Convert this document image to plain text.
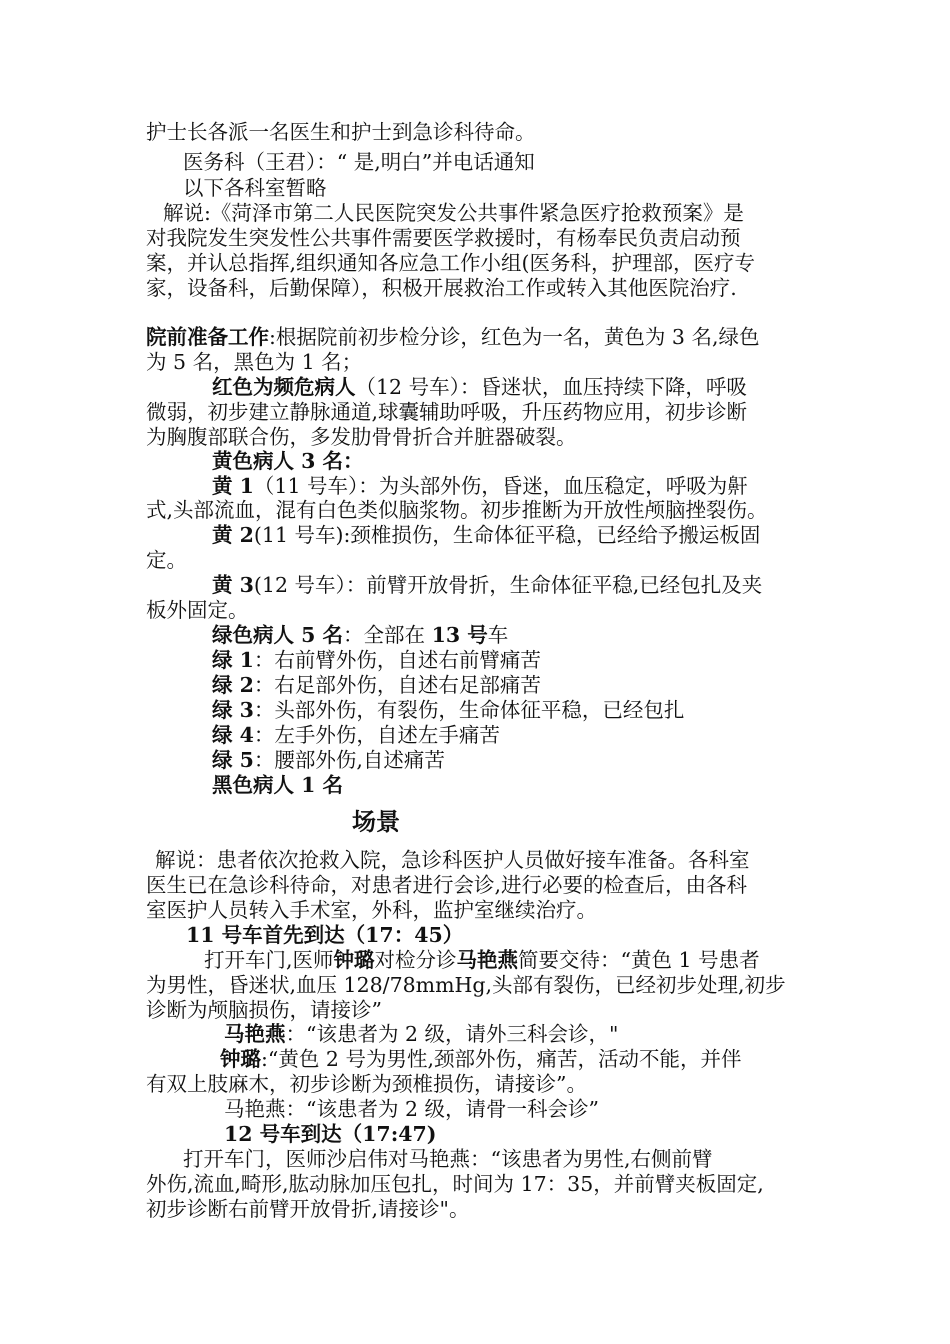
护士长各派一名医生和护士到急诊科待命。
医务科（王君）：“ 是,明白”并电话通知
以下各科室暂略
解说:《菏泽市第二人民医院突发公共事件紧急医疗抢救预案》是
对我院发生突发性公共事件需要医学救援时，有杨奉民负责启动预
案，并认总指挥,组织通知各应急工作小组(医务科，护理部，医疗专
家，设备科，后勤保障），积极开展救治工作或转入其他医院治疗.
院前准备工作:根据院前初步检分诊，红色为一名，黄色为 3 名,绿色
为 5 名，黑色为 1 名；
红色为频危病人（12 号车）：昏迷状，血压持续下降，呼吸
微弱，初步建立静脉通道,球囊辅助呼吸，升压药物应用，初步诊断
为胸腹部联合伤，多发肋骨骨折合并脏器破裂。
黄色病人 3 名：
黄 1（11 号车）：为头部外伤，昏迷，血压稳定，呼吸为鼾
式,头部流血，混有白色类似脑浆物。初步推断为开放性颅脑挫裂伤。
黄 2(11 号车):颈椎损伤，生命体征平稳，已经给予搬运板固
定。
黄 3(12 号车）：前臂开放骨折，生命体征平稳,已经包扎及夹
板外固定。
绿色病人 5 名：全部在 13 号车
绿 1：右前臂外伤，自述右前臂痛苦
绿 2：右足部外伤，自述右足部痛苦
绿 3：头部外伤，有裂伤，生命体征平稳，已经包扎
绿 4：左手外伤，自述左手痛苦
绿 5：腰部外伤,自述痛苦
黑色病人 1 名
场景
解说：患者依次抢救入院，急诊科医护人员做好接车准备。各科室
医生已在急诊科待命，对患者进行会诊,进行必要的检查后，由各科
室医护人员转入手术室，外科，监护室继续治疗。
11 号车首先到达（17：45）
打开车门,医师钟璐对检分诊马艳燕简要交待：“黄色 1 号患者
为男性，昏迷状,血压 128/78mmHg,头部有裂伤，已经初步处理,初步
诊断为颅脑损伤，请接诊”
马艳燕：“该患者为 2 级，请外三科会诊，"
钟璐:“黄色 2 号为男性,颈部外伤，痛苦，活动不能，并伴
有双上肢麻木，初步诊断为颈椎损伤，请接诊”。
马艳燕：“该患者为 2 级，请骨一科会诊”
12 号车到达（17:47)
打开车门，医师沙启伟对马艳燕：“该患者为男性,右侧前臂
外伤,流血,畸形,肱动脉加压包扎，时间为 17：35，并前臂夹板固定,
初步诊断右前臂开放骨折,请接诊"。
